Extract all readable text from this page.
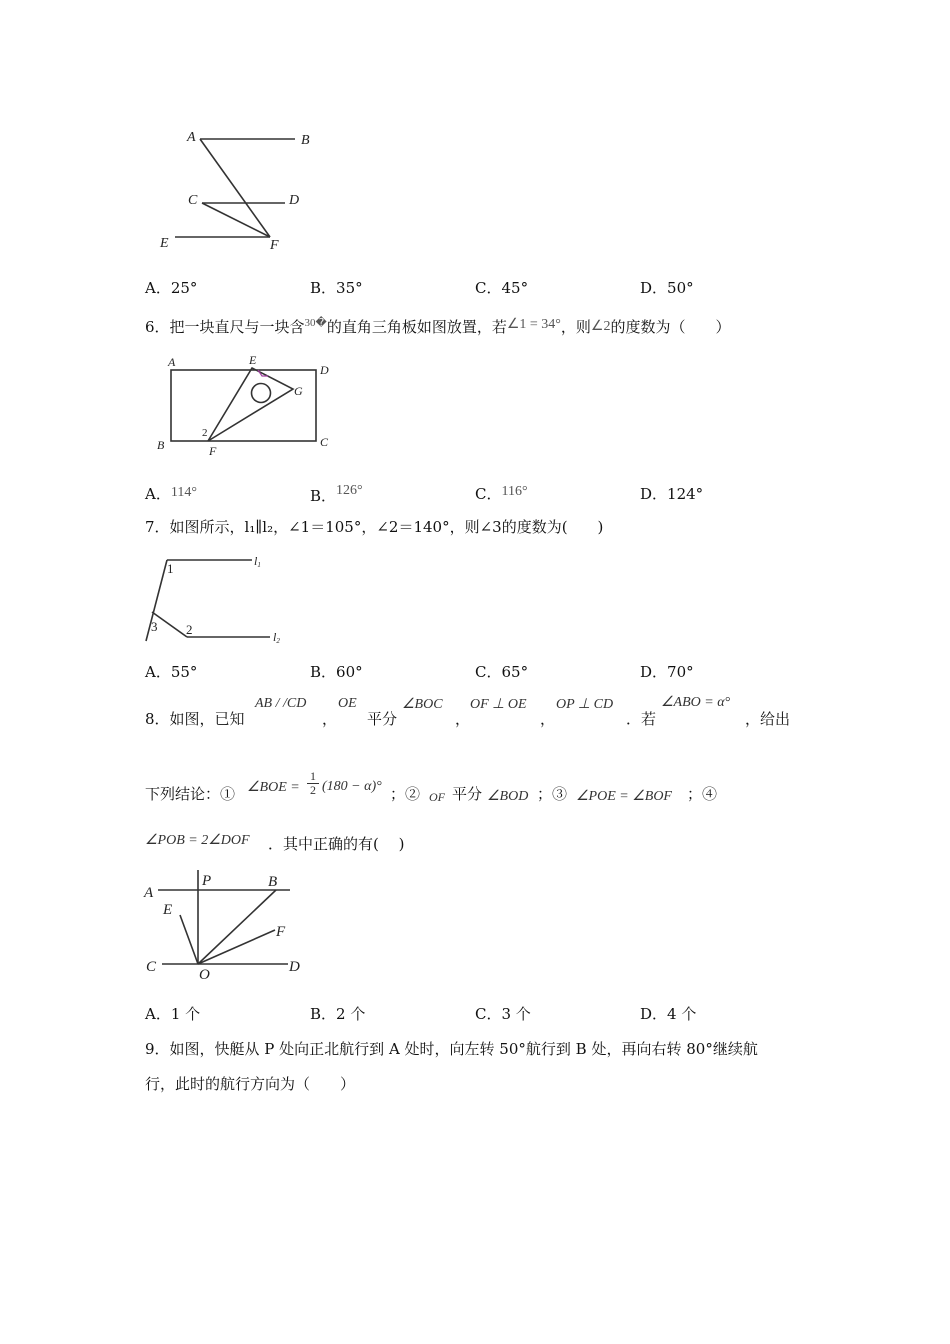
A	B
C	D
E	F
A．25°	B．35°	C．45°	D．50°
6．把一块直尺与一块含$^{30�}$的直角三角板如图放置，若∠1 = 34°，则∠2的度数为（　　）
A	E
D
G
B	C
F
2
A．114°	B．126°	C．116°	D．124°
7．如图所示，l₁∥l₂，∠1＝105°，∠2＝140°，则∠3的度数为(　　)
1
3 2
l1
l2
A．55°	B．60°	C．65°	D．70°
8．如图，已知
AB / /CD
，
OE
平分
∠BOC
，
OF ⊥ OE
，
OP ⊥ CD
．若
∠ABO = α°
，给出
下列结论：① ∠BOE = $\frac{1}{2} (180 - \alpha)^\circ$ ；② OF 平分 ∠BOD ；③ ∠POE = ∠BOF ；④
∠POB = 2∠DOF ．其中正确的有(　 )
A
P	B
E
F
C	O	D
A．1 个	B．2 个	C．3 个	D．4 个
9．如图，快艇从 P 处向正北航行到 A 处时，向左转 50°航行到 B 处，再向右转 80°继续航
行，此时的航行方向为（　　）
